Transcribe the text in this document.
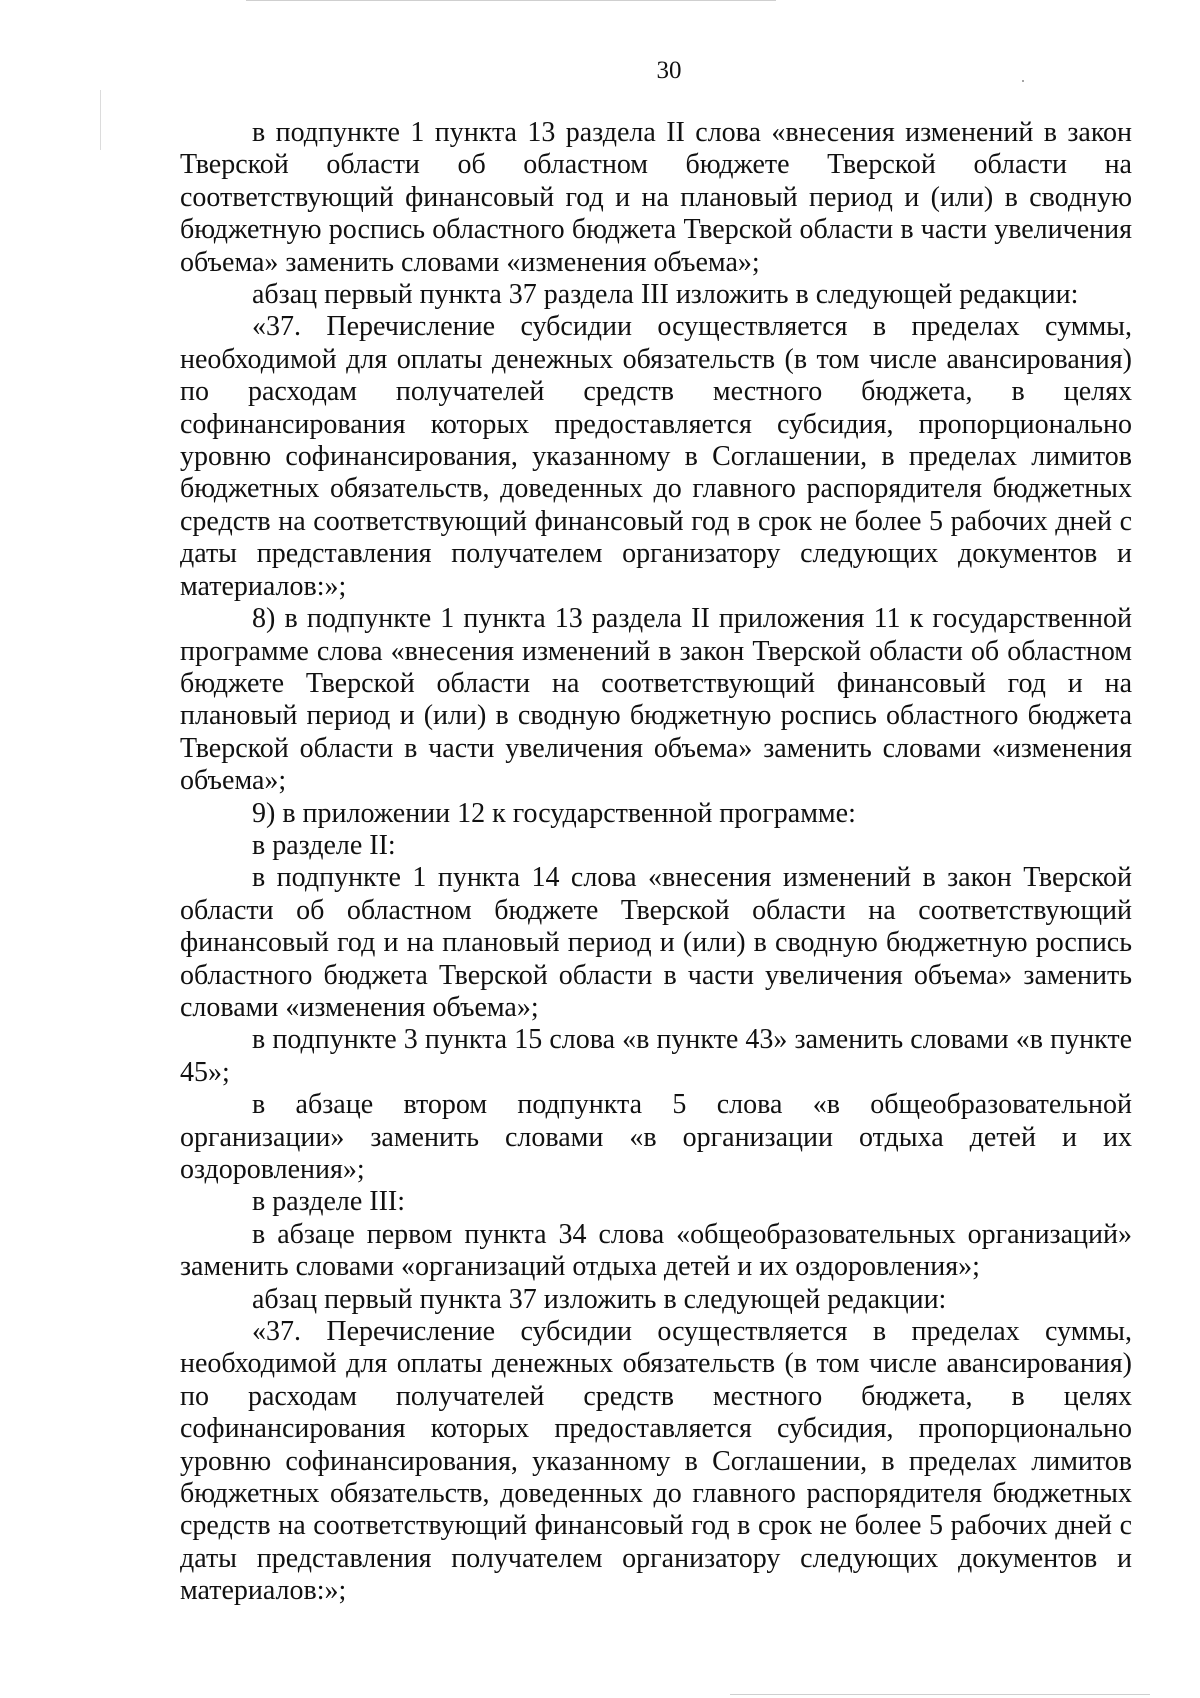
30

в подпункте 1 пункта 13 раздела II слова «внесения изменений в закон Тверской области об областном бюджете Тверской области на соответствующий финансовый год и на плановый период и (или) в сводную бюджетную роспись областного бюджета Тверской области в части увеличения объема» заменить словами «изменения объема»;

абзац первый пункта 37 раздела III изложить в следующей редакции:

«37. Перечисление субсидии осуществляется в пределах суммы, необходимой для оплаты денежных обязательств (в том числе авансирования) по расходам получателей средств местного бюджета, в целях софинансирования которых предоставляется субсидия, пропорционально уровню софинансирования, указанному в Соглашении, в пределах лимитов бюджетных обязательств, доведенных до главного распорядителя бюджетных средств на соответствующий финансовый год в срок не более 5 рабочих дней с даты представления получателем организатору следующих документов и материалов:»;

8) в подпункте 1 пункта 13 раздела II приложения 11 к государственной программе слова «внесения изменений в закон Тверской области об областном бюджете Тверской области на соответствующий финансовый год и на плановый период и (или) в сводную бюджетную роспись областного бюджета Тверской области в части увеличения объема» заменить словами «изменения объема»;

9) в приложении 12 к государственной программе:

в разделе II:

в подпункте 1 пункта 14 слова «внесения изменений в закон Тверской области об областном бюджете Тверской области на соответствующий финансовый год и на плановый период и (или) в сводную бюджетную роспись областного бюджета Тверской области в части увеличения объема» заменить словами «изменения объема»;

в подпункте 3 пункта 15 слова «в пункте 43» заменить словами «в пункте 45»;

в абзаце втором подпункта 5 слова «в общеобразовательной организации» заменить словами «в организации отдыха детей и их оздоровления»;

в разделе III:

в абзаце первом пункта 34 слова «общеобразовательных организаций» заменить словами «организаций отдыха детей и их оздоровления»;

абзац первый пункта 37 изложить в следующей редакции:

«37. Перечисление субсидии осуществляется в пределах суммы, необходимой для оплаты денежных обязательств (в том числе авансирования) по расходам получателей средств местного бюджета, в целях софинансирования которых предоставляется субсидия, пропорционально уровню софинансирования, указанному в Соглашении, в пределах лимитов бюджетных обязательств, доведенных до главного распорядителя бюджетных средств на соответствующий финансовый год в срок не более 5 рабочих дней с даты представления получателем организатору следующих документов и материалов:»;
